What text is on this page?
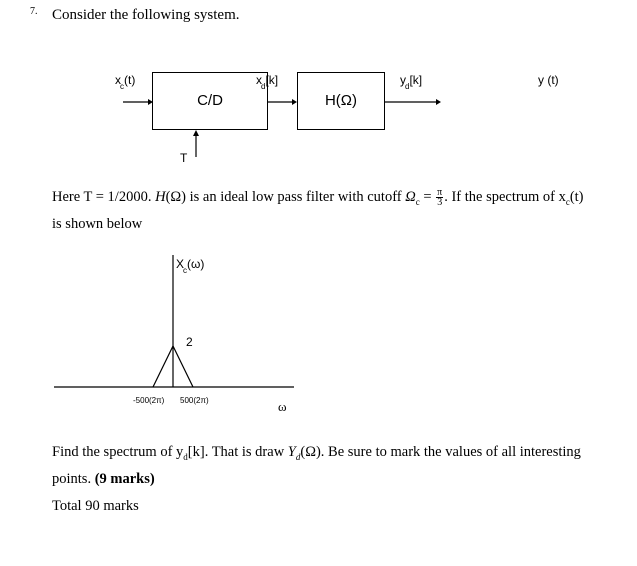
7. Consider the following system.
$x_c(t)$
C/D
T
$x_d[k]$
H(Ω)
$y_d[k]$	y (t)
Here T = 1/2000. H(Ω) is an ideal low pass filter with cutoff $\Omega_c = \frac{\pi}{3}$ . If the spectrum of $x_c(t)$
is shown below
$X_c(\omega)$
2
-500(2π) 500(2π)	ω
Find the spectrum of $y_d[k]$. That is draw $Y_d(\Omega)$. Be sure to mark the values of all interesting
points. (9 marks)
Total 90 marks
